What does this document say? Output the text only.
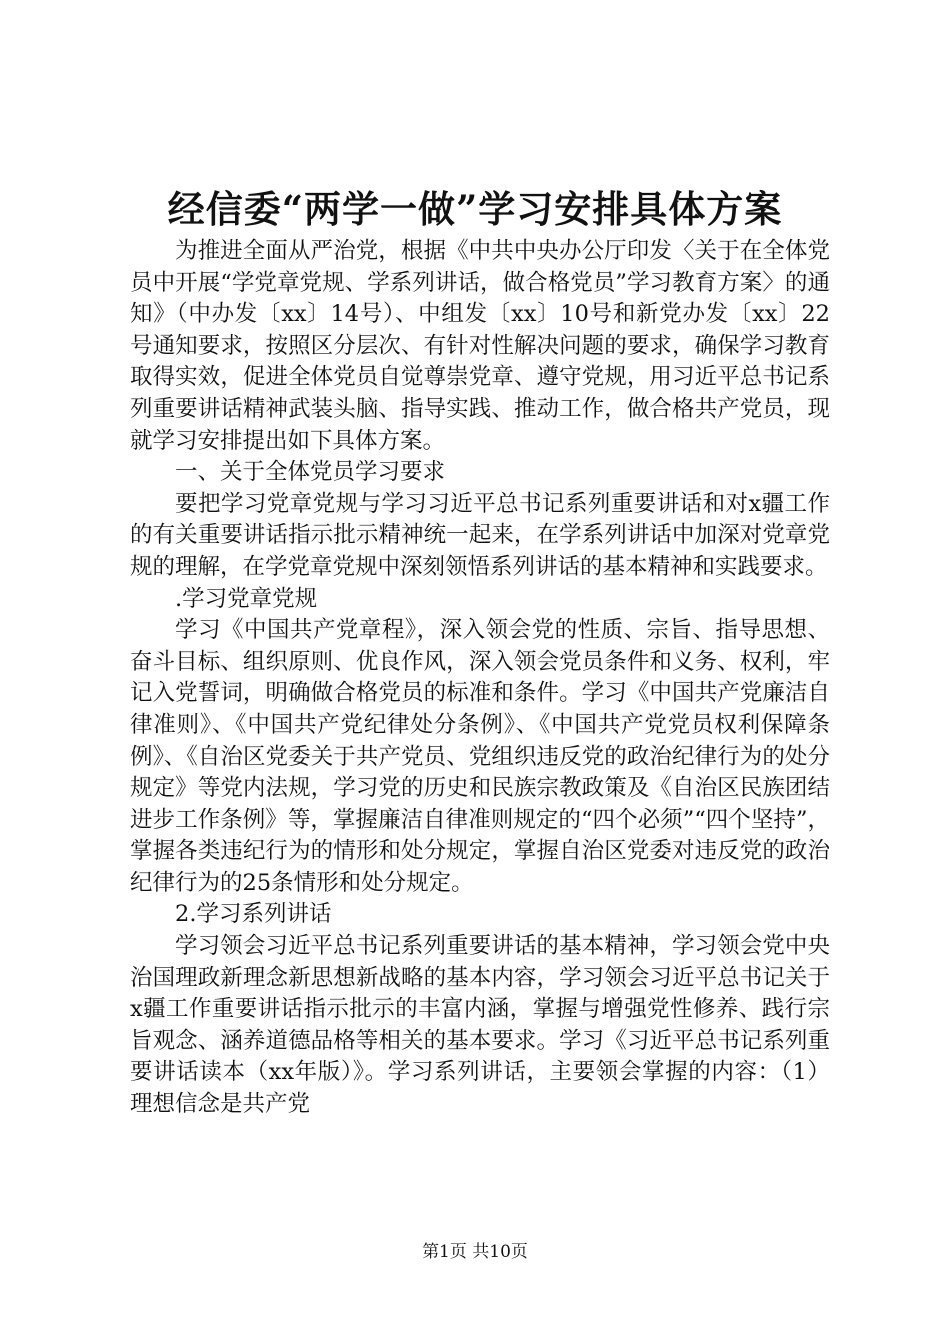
经信委“两学一做”学习安排具体方案

为推进全面从严治党，根据《中共中央办公厅印发〈关于在全体党员中开展“学党章党规、学系列讲话，做合格党员”学习教育方案〉的通知》（中办发〔xx〕14号）、中组发〔xx〕10号和新党办发〔xx〕22号通知要求，按照区分层次、有针对性解决问题的要求，确保学习教育取得实效，促进全体党员自觉尊崇党章、遵守党规，用习近平总书记系列重要讲话精神武装头脑、指导实践、推动工作，做合格共产党员，现就学习安排提出如下具体方案。

一、关于全体党员学习要求

要把学习党章党规与学习习近平总书记系列重要讲话和对x疆工作的有关重要讲话指示批示精神统一起来，在学系列讲话中加深对党章党规的理解，在学党章党规中深刻领悟系列讲话的基本精神和实践要求。

.学习党章党规

学习《中国共产党章程》，深入领会党的性质、宗旨、指导思想、奋斗目标、组织原则、优良作风，深入领会党员条件和义务、权利，牢记入党誓词，明确做合格党员的标准和条件。学习《中国共产党廉洁自律准则》、《中国共产党纪律处分条例》、《中国共产党党员权利保障条例》、《自治区党委关于共产党员、党组织违反党的政治纪律行为的处分规定》等党内法规，学习党的历史和民族宗教政策及《自治区民族团结进步工作条例》等，掌握廉洁自律准则规定的“四个必须”“四个坚持”，掌握各类违纪行为的情形和处分规定，掌握自治区党委对违反党的政治纪律行为的25条情形和处分规定。

2.学习系列讲话

学习领会习近平总书记系列重要讲话的基本精神，学习领会党中央治国理政新理念新思想新战略的基本内容，学习领会习近平总书记关于x疆工作重要讲话指示批示的丰富内涵，掌握与增强党性修养、践行宗旨观念、涵养道德品格等相关的基本要求。学习《习近平总书记系列重要讲话读本（xx年版）》。学习系列讲话，主要领会掌握的内容：（1）理想信念是共产党

第1页 共10页
